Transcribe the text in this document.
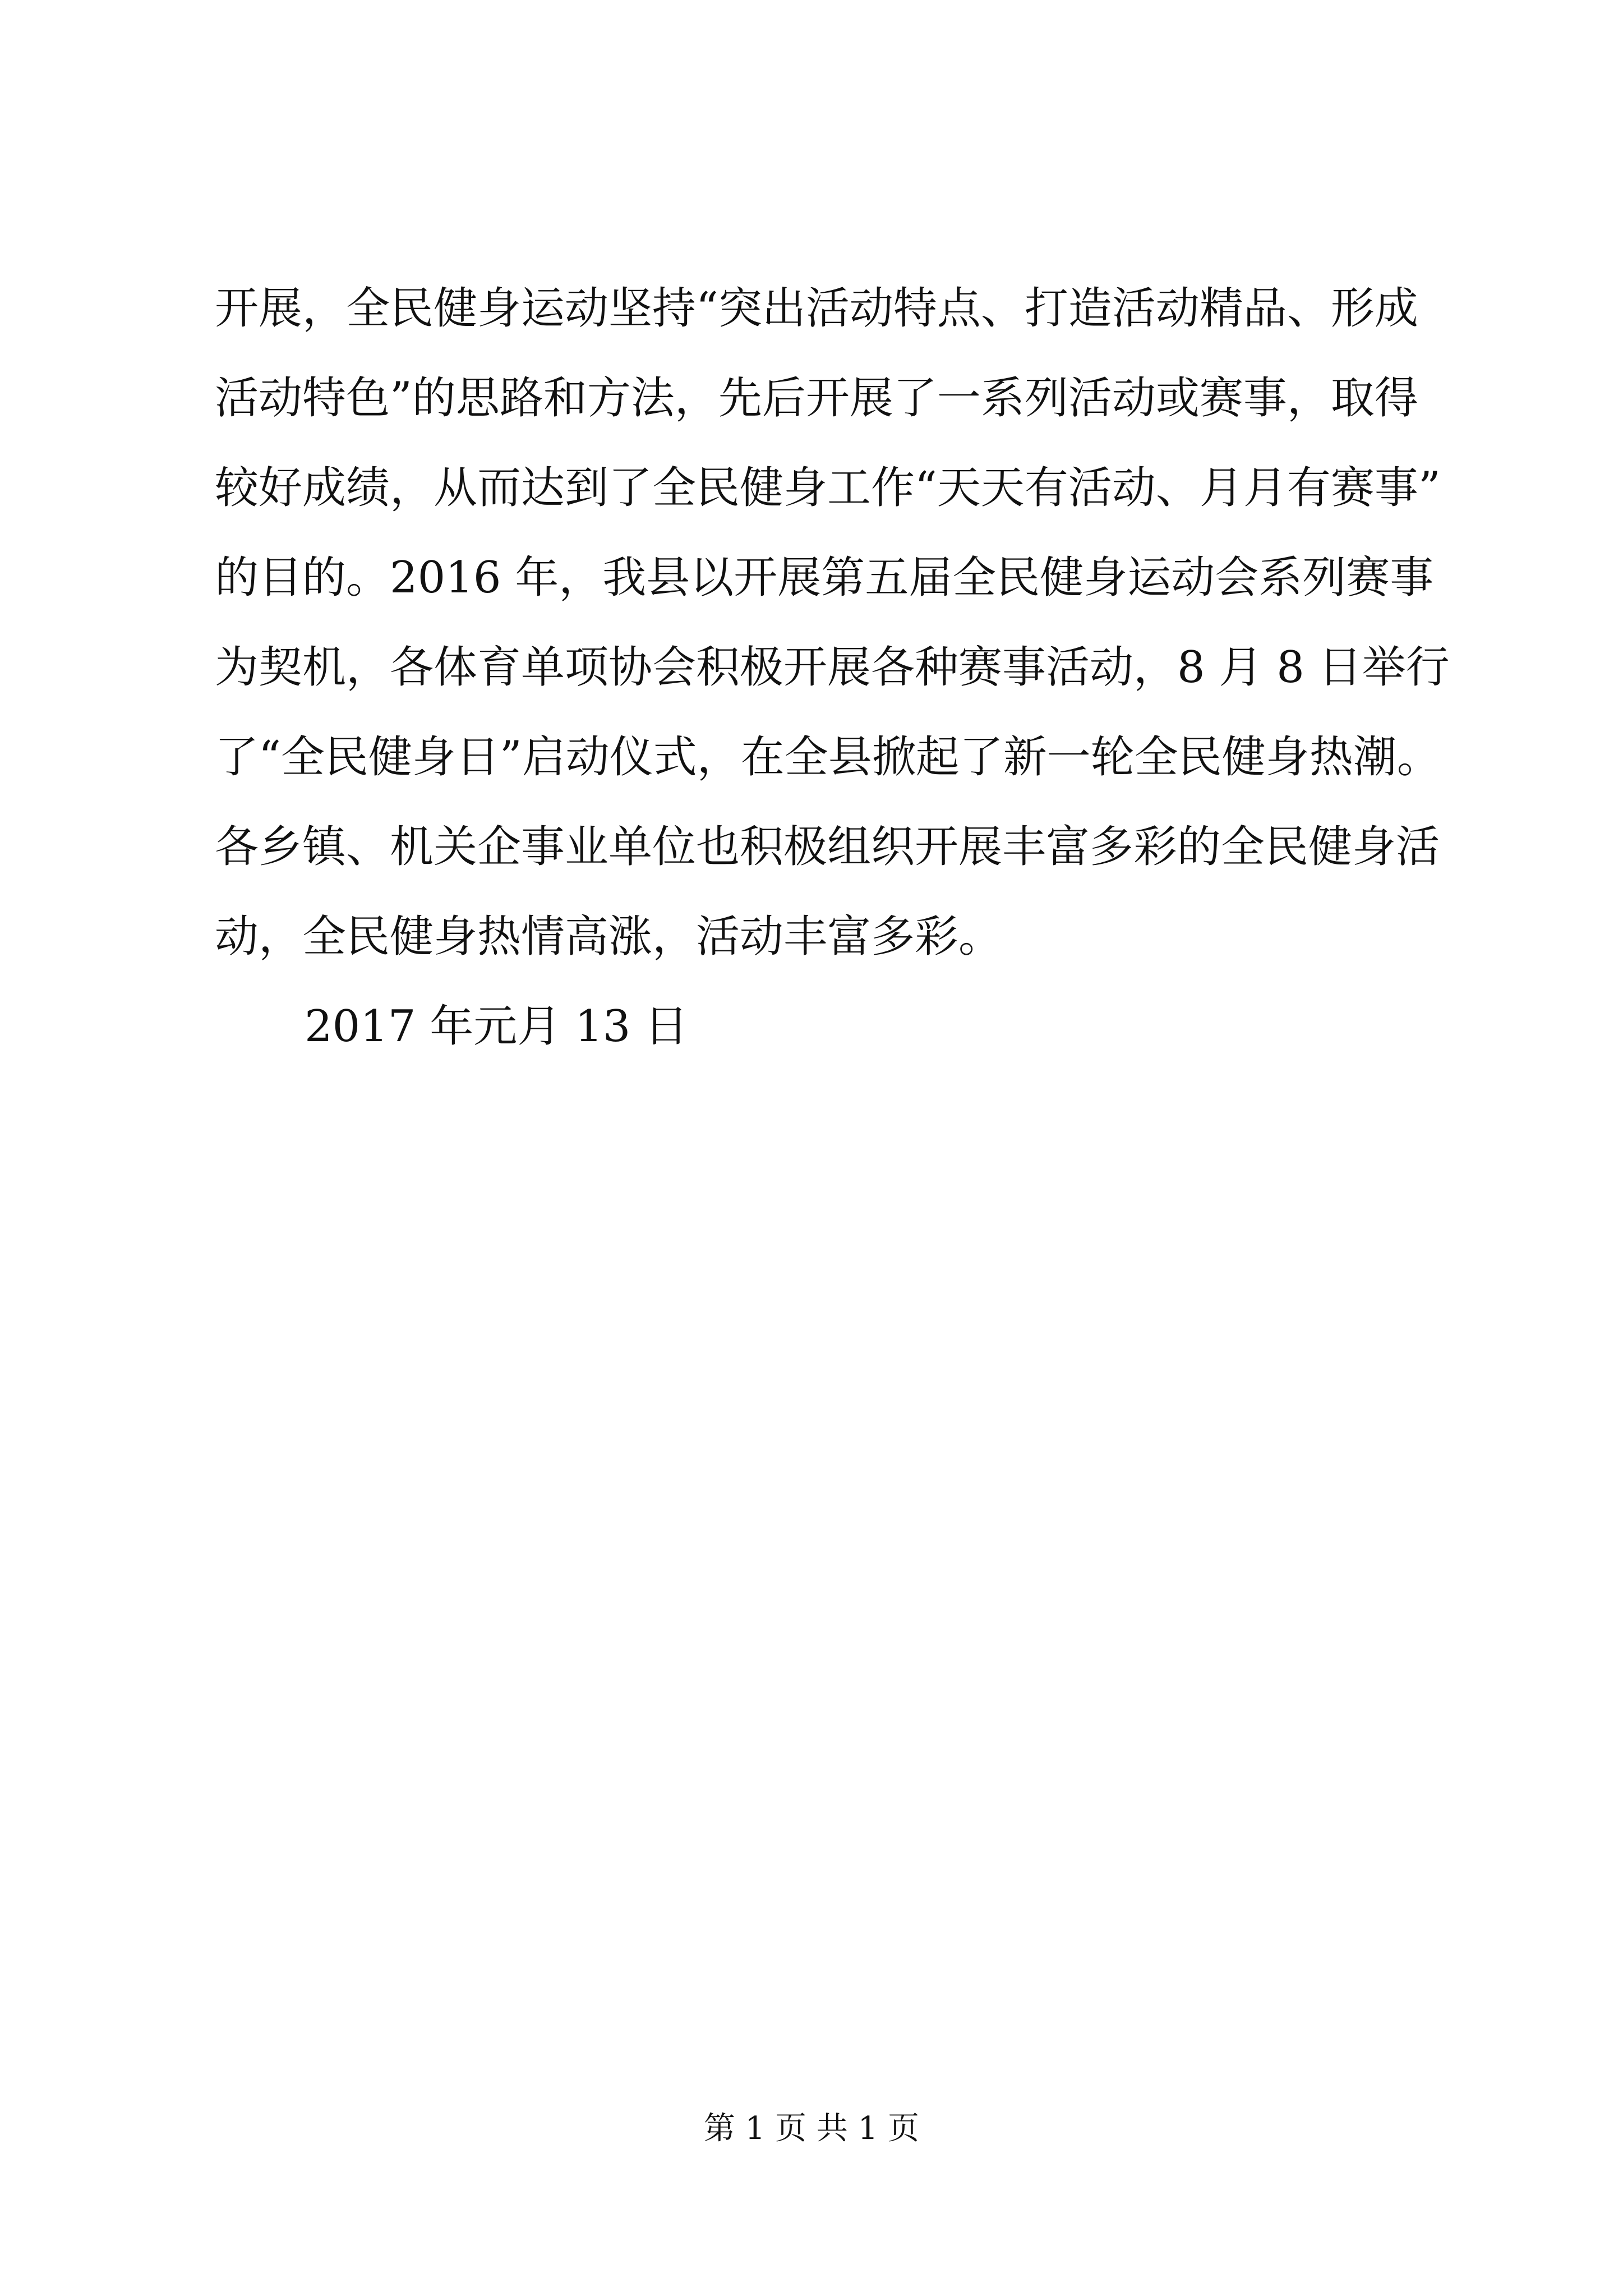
开展，全民健身运动坚持“突出活动特点、打造活动精品、形成
活动特色”的思路和方法，先后开展了一系列活动或赛事，取得
较好成绩，从而达到了全民健身工作“天天有活动、月月有赛事”
的目的。2016 年，我县以开展第五届全民健身运动会系列赛事
为契机，各体育单项协会积极开展各种赛事活动，8 月 8 日举行
了“全民健身日”启动仪式，在全县掀起了新一轮全民健身热潮。
各乡镇、机关企事业单位也积极组织开展丰富多彩的全民健身活
动，全民健身热情高涨，活动丰富多彩。
2017 年元月 13 日
第 1 页 共 1 页
